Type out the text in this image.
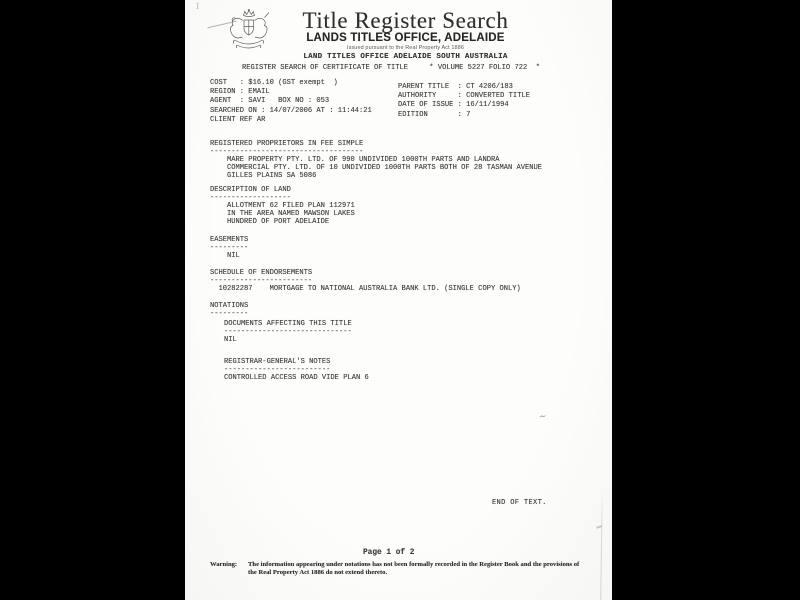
1
~
Title Register Search
LANDS TITLES OFFICE, ADELAIDE
Issued pursuant to the Real Property Act 1886
LAND TITLES OFFICE ADELAIDE SOUTH AUSTRALIA
REGISTER SEARCH OF CERTIFICATE OF TITLE     * VOLUME 5227 FOLIO 722  *
COST   : $16.10 (GST exempt  )
REGION : EMAIL
AGENT  : SAVI   BOX NO : 053
SEARCHED ON : 14/07/2006 AT : 11:44:21
CLIENT REF AR
PARENT TITLE  : CT 4206/183
AUTHORITY     : CONVERTED TITLE
DATE OF ISSUE : 16/11/1994
EDITION       : 7
REGISTERED PROPRIETORS IN FEE SIMPLE
------------------------------------
MARE PROPERTY PTY. LTD. OF 990 UNDIVIDED 1000TH PARTS AND LANDRA
COMMERCIAL PTY. LTD. OF 10 UNDIVIDED 1000TH PARTS BOTH OF 28 TASMAN AVENUE
GILLES PLAINS SA 5086
DESCRIPTION OF LAND
-------------------
ALLOTMENT 62 FILED PLAN 112971
IN THE AREA NAMED MAWSON LAKES
HUNDRED OF PORT ADELAIDE
EASEMENTS
---------
NIL
SCHEDULE OF ENDORSEMENTS
------------------------
10282287    MORTGAGE TO NATIONAL AUSTRALIA BANK LTD. (SINGLE COPY ONLY)
NOTATIONS
---------
DOCUMENTS AFFECTING THIS TITLE
------------------------------
NIL
REGISTRAR-GENERAL'S NOTES
-------------------------
CONTROLLED ACCESS ROAD VIDE PLAN 6
END OF TEXT.
Page 1 of 2
Warning: The information appearing under notations has not been formally recorded in the Register Book and the provisions of
the Real Property Act 1886 do not extend thereto.
